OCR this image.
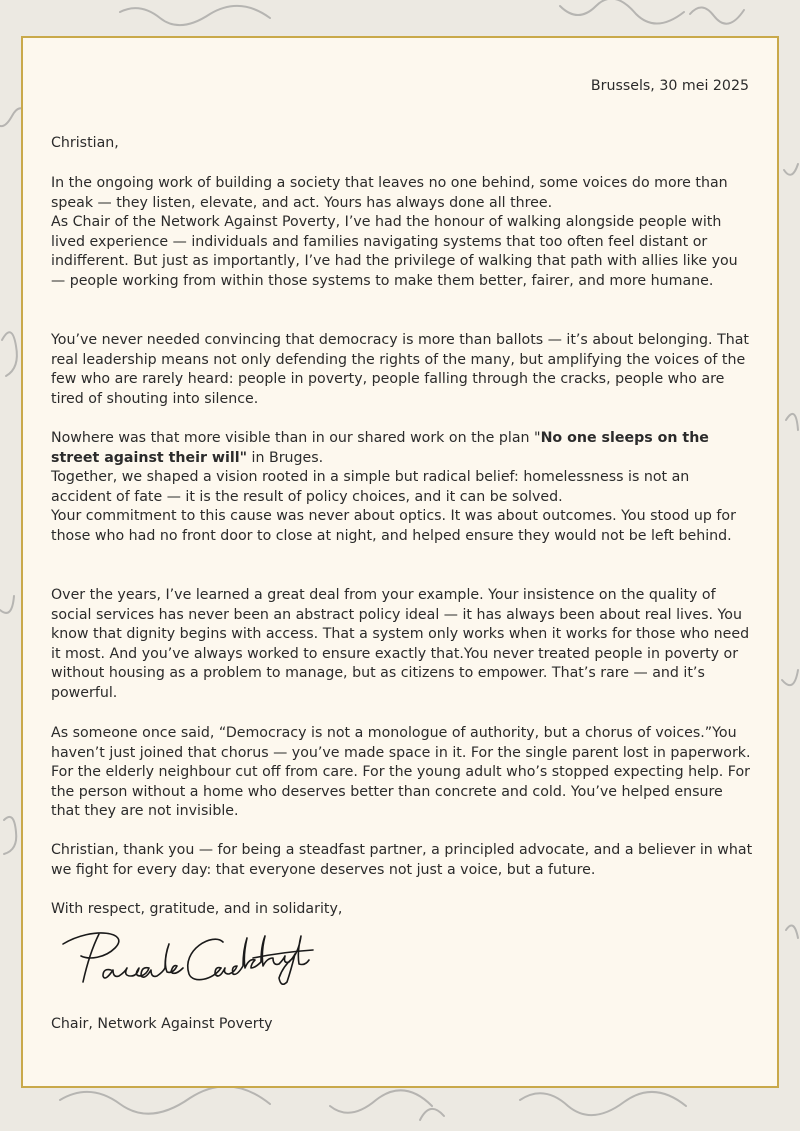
Brussels, 30 mei 2025

Christian,

In the ongoing work of building a society that leaves no one behind, some voices do more than speak — they listen, elevate, and act. Yours has always done all three.

As Chair of the Network Against Poverty, I’ve had the honour of walking alongside people with lived experience — individuals and families navigating systems that too often feel distant or indifferent. But just as importantly, I’ve had the privilege of walking that path with allies like you — people working from within those systems to make them better, fairer, and more humane.

You’ve never needed convincing that democracy is more than ballots — it’s about belonging. That real leadership means not only defending the rights of the many, but amplifying the voices of the few who are rarely heard: people in poverty, people falling through the cracks, people who are tired of shouting into silence.

Nowhere was that more visible than in our shared work on the plan "No one sleeps on the street against their will" in Bruges.

Together, we shaped a vision rooted in a simple but radical belief: homelessness is not an accident of fate — it is the result of policy choices, and it can be solved.

Your commitment to this cause was never about optics. It was about outcomes. You stood up for those who had no front door to close at night, and helped ensure they would not be left behind.

Over the years, I’ve learned a great deal from your example. Your insistence on the quality of social services has never been an abstract policy ideal — it has always been about real lives. You know that dignity begins with access. That a system only works when it works for those who need it most. And you’ve always worked to ensure exactly that.You never treated people in poverty or without housing as a problem to manage, but as citizens to empower. That’s rare — and it’s powerful.

As someone once said, “Democracy is not a monologue of authority, but a chorus of voices.”You haven’t just joined that chorus — you’ve made space in it. For the single parent lost in paperwork. For the elderly neighbour cut off from care. For the young adult who’s stopped expecting help. For the person without a home who deserves better than concrete and cold. You’ve helped ensure that they are not invisible.

Christian, thank you — for being a steadfast partner, a principled advocate, and a believer in what we fight for every day: that everyone deserves not just a voice, but a future.

With respect, gratitude, and in solidarity,

Chair, Network Against Poverty
